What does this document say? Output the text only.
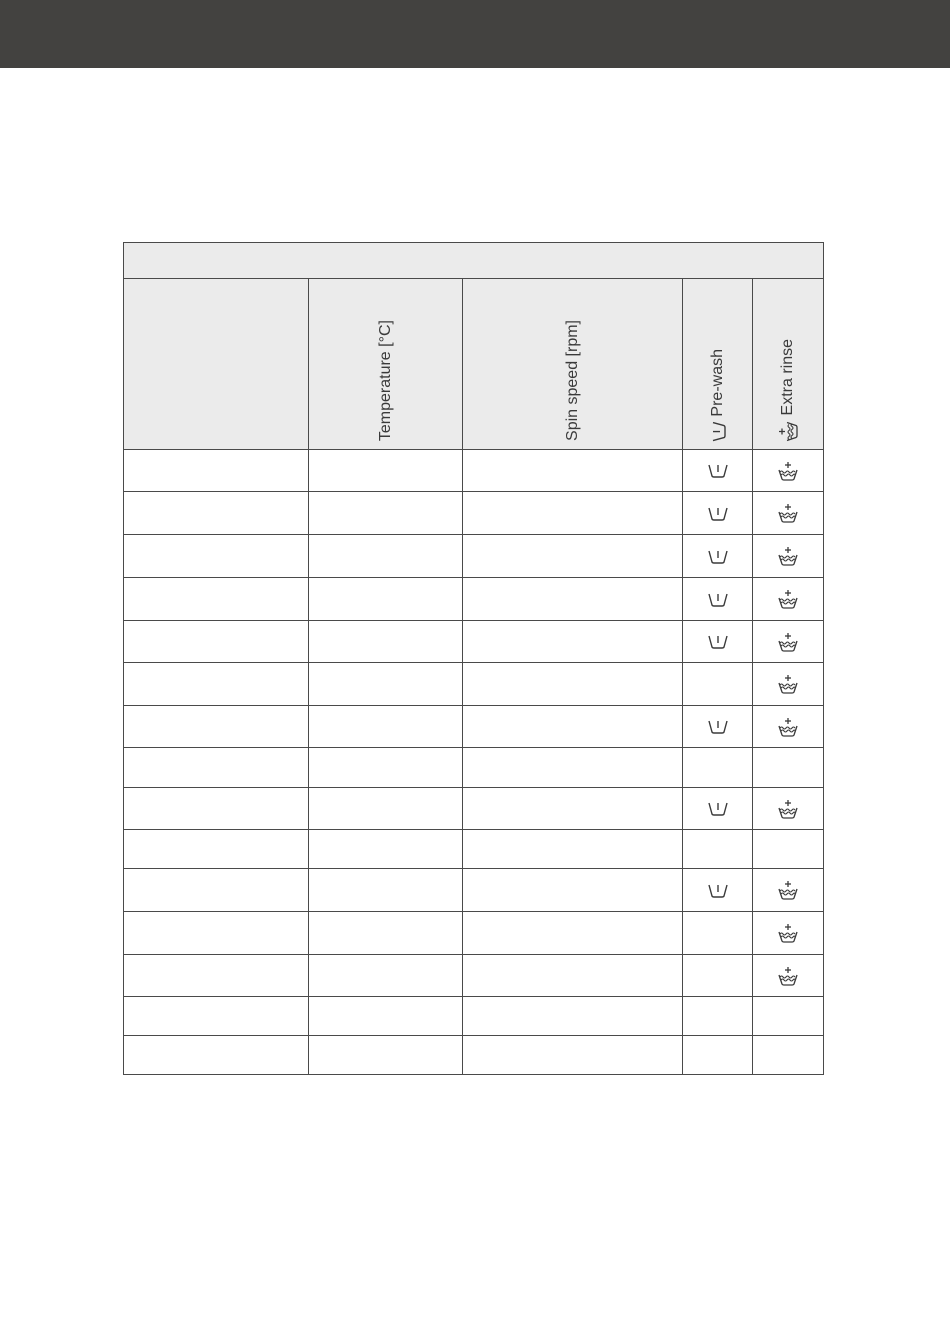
	Temperature [°C]	Spin speed [rpm]	Pre-wash	Extra rinse
